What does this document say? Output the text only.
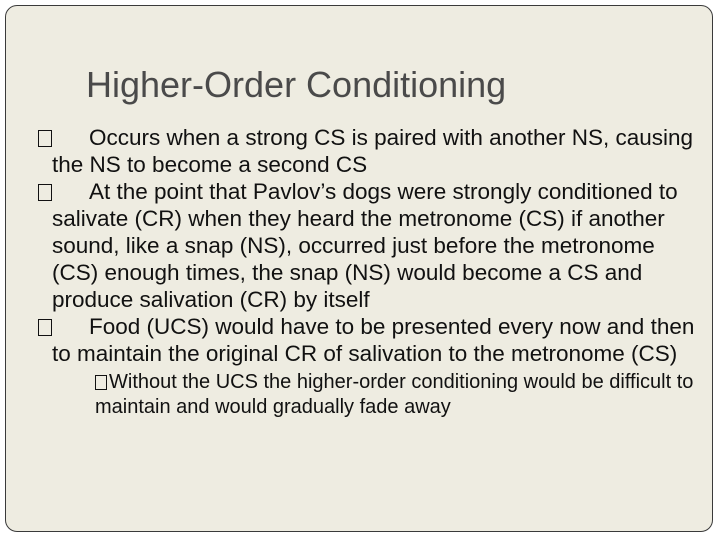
Higher-Order Conditioning
Occurs when a strong CS is paired with another NS, causing the NS to become a second CS
At the point that Pavlov’s dogs were strongly conditioned to salivate (CR) when they heard the metronome (CS) if another sound, like a snap (NS), occurred just before the metronome (CS) enough times, the snap (NS) would become a CS and produce salivation (CR) by itself
Food (UCS) would have to be presented every now and then to maintain the original CR of salivation to the metronome (CS)
Without the UCS the higher-order conditioning would be difficult to maintain and would gradually fade away
